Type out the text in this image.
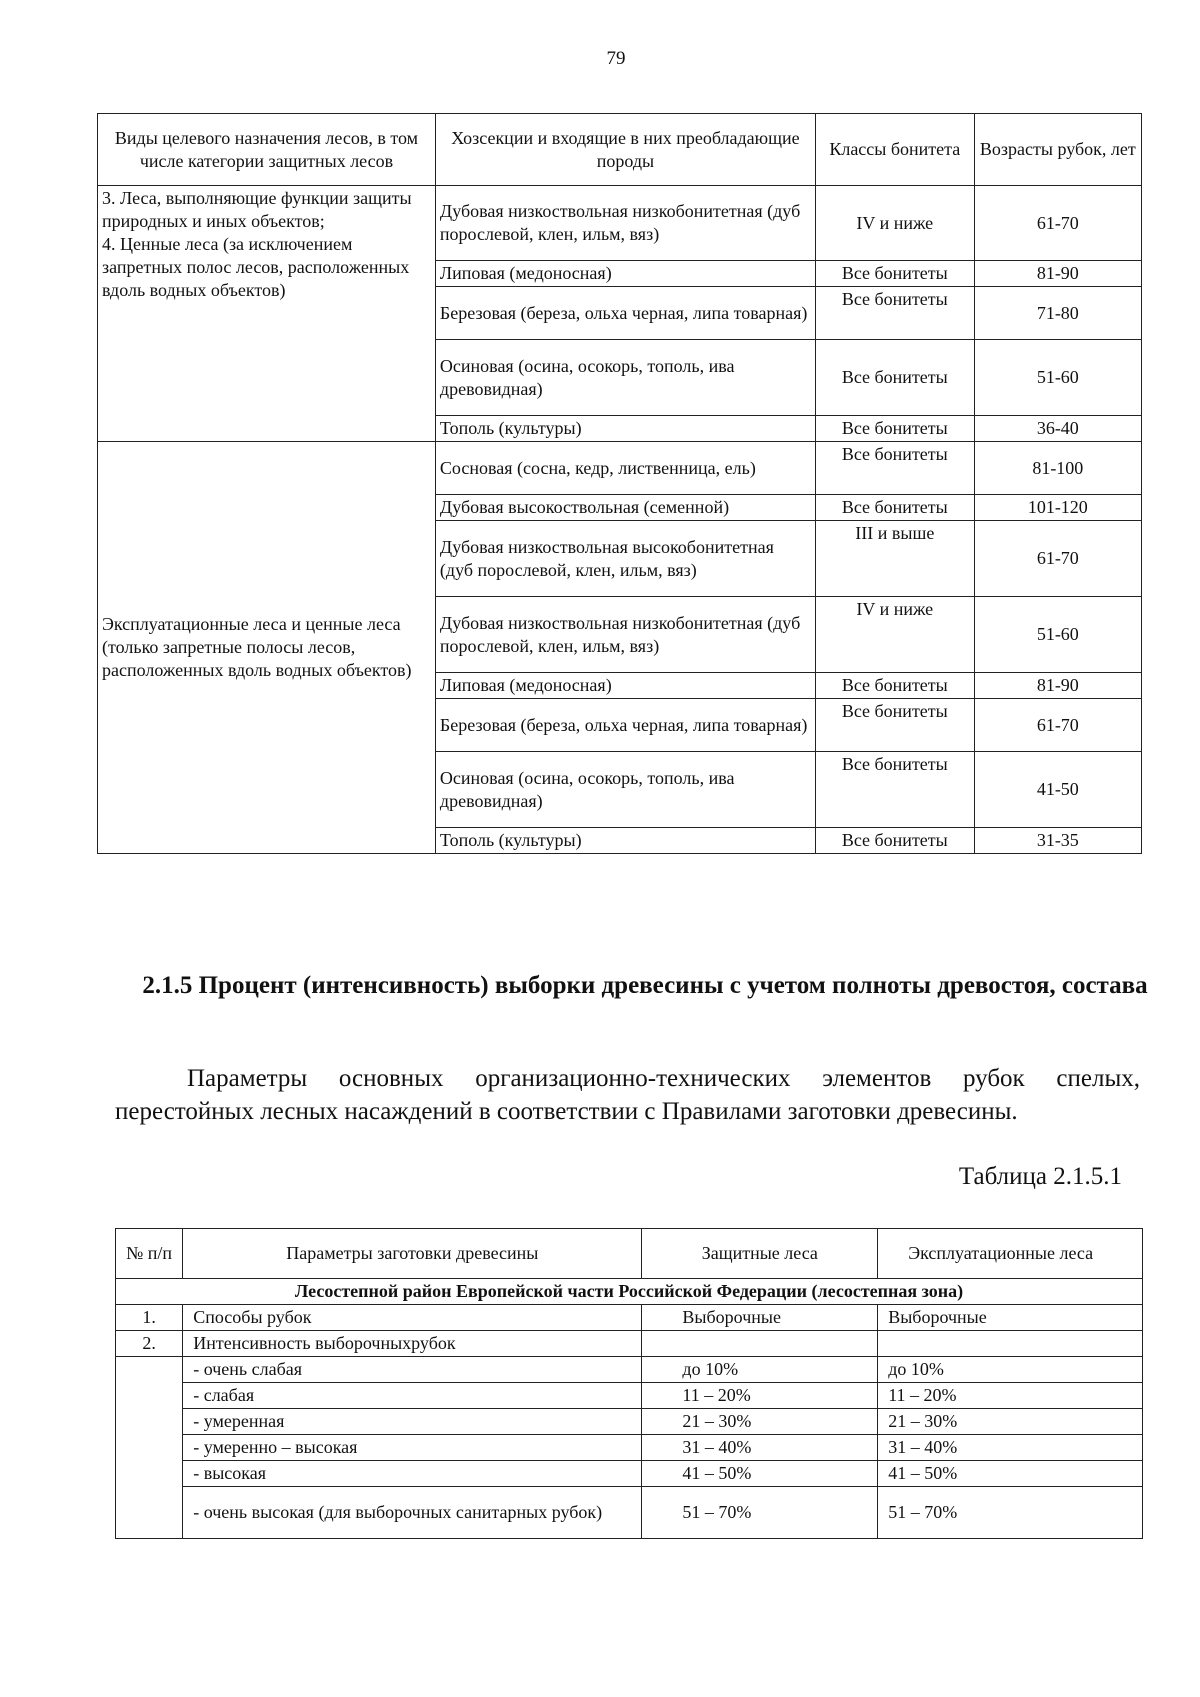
79
Виды целевого назначения лесов, в том числе категории защитных лесов	Хозсекции и входящие в них преобладающие породы	Классы бонитета	Возрасты рубок, лет

3. Леса, выполняющие функции защиты природных и иных объектов;
4. Ценные леса (за исключением запретных полос лесов, расположенных вдоль водных объектов)	Дубовая низкоствольная низкобонитетная (дуб порослевой, клен, ильм, вяз)	IV и ниже	61-70
	Липовая (медоносная)	Все бонитеты	81-90
	Березовая (береза, ольха черная, липа товарная)	Все бонитеты	71-80
	Осиновая (осина, осокорь, тополь, ива древовидная)	Все бонитеты	51-60
	Тополь (культуры)	Все бонитеты	36-40
Эксплуатационные леса и ценные леса (только запретные полосы лесов, расположенных вдоль водных объектов)	Сосновая (сосна, кедр, лиственница, ель)	Все бонитеты	81-100
	Дубовая высокоствольная (семенной)	Все бонитеты	101-120
	Дубовая низкоствольная высокобонитетная (дуб порослевой, клен, ильм, вяз)	III и выше	61-70
	Дубовая низкоствольная низкобонитетная (дуб порослевой, клен, ильм, вяз)	IV и ниже	51-60
	Липовая (медоносная)	Все бонитеты	81-90
	Березовая (береза, ольха черная, липа товарная)	Все бонитеты	61-70
	Осиновая (осина, осокорь, тополь, ива древовидная)	Все бонитеты	41-50
	Тополь (культуры)	Все бонитеты	31-35
2.1.5 Процент (интенсивность) выборки древесины с учетом полноты древостоя, состава
Параметры основных организационно-технических элементов рубок спелых, перестойных лесных насаждений в соответствии с Правилами заготовки древесины.
Таблица 2.1.5.1
№ п/п	Параметры заготовки древесины	Защитные леса	Эксплуатационные леса
Лесостепной район Европейской части Российской Федерации (лесостепная зона)			
1.	Способы рубок	Выборочные	Выборочные
2.	Интенсивность выборочныхрубок		
	- очень слабая	до 10%	до 10%
	- слабая	11 – 20%	11 – 20%
	- умеренная	21 – 30%	21 – 30%
	- умеренно – высокая	31 – 40%	31 – 40%
	- высокая	41 – 50%	41 – 50%
	- очень высокая (для выборочных санитарных рубок)	51 – 70%	51 – 70%
